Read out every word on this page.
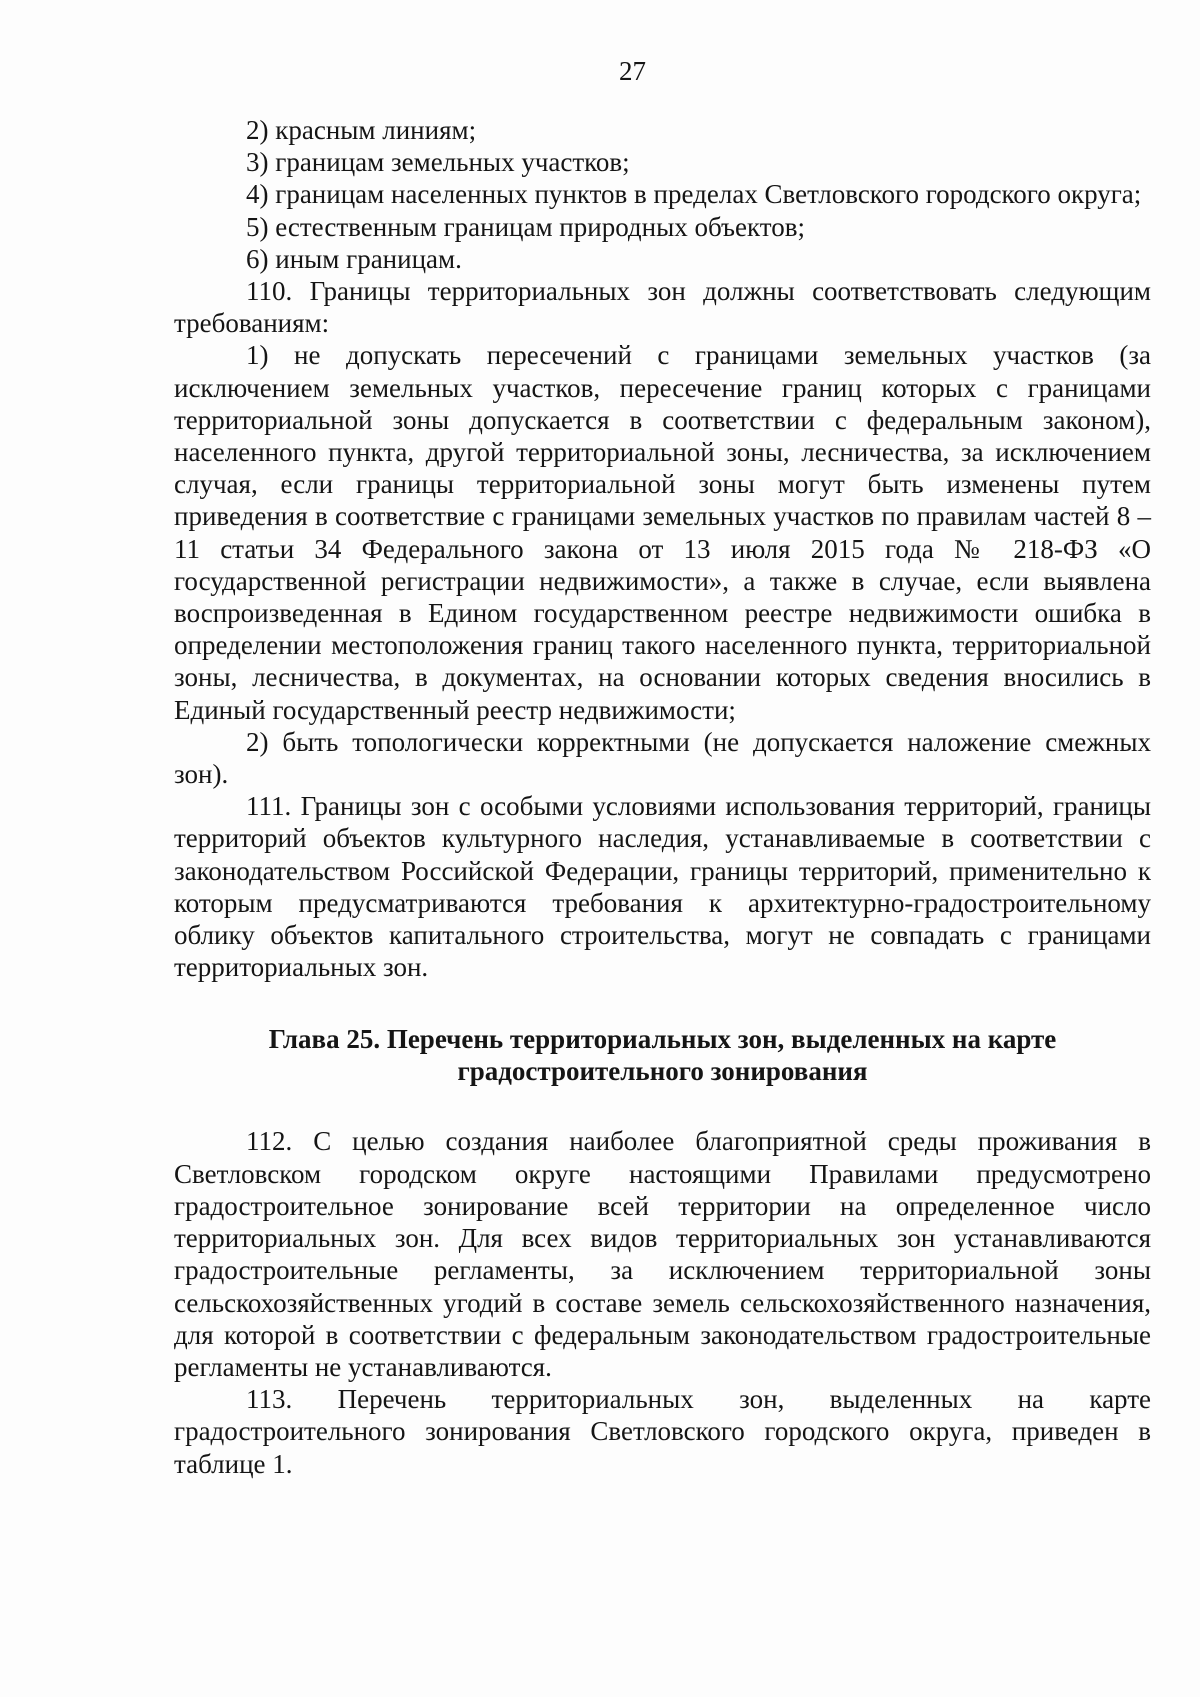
27

2) красным линиям;

3) границам земельных участков;

4) границам населенных пунктов в пределах Светловского городского округа;

5) естественным границам природных объектов;

6) иным границам.

110. Границы территориальных зон должны соответствовать следующим требованиям:

1) не допускать пересечений с границами земельных участков (за исключением земельных участков, пересечение границ которых с границами территориальной зоны допускается в соответствии с федеральным законом), населенного пункта, другой территориальной зоны, лесничества, за исключением случая, если границы территориальной зоны могут быть изменены путем приведения в соответствие с границами земельных участков по правилам частей 8 – 11 статьи 34 Федерального закона от 13 июля 2015 года № 218-ФЗ «О государственной регистрации недвижимости», а также в случае, если выявлена воспроизведенная в Едином государственном реестре недвижимости ошибка в определении местоположения границ такого населенного пункта, территориальной зоны, лесничества, в документах, на основании которых сведения вносились в Единый государственный реестр недвижимости;

2) быть топологически корректными (не допускается наложение смежных зон).

111. Границы зон с особыми условиями использования территорий, границы территорий объектов культурного наследия, устанавливаемые в соответствии с законодательством Российской Федерации, границы территорий, применительно к которым предусматриваются требования к архитектурно-градостроительному облику объектов капитального строительства, могут не совпадать с границами территориальных зон.

Глава 25. Перечень территориальных зон, выделенных на карте
градостроительного зонирования

112. С целью создания наиболее благоприятной среды проживания в Светловском городском округе настоящими Правилами предусмотрено градостроительное зонирование всей территории на определенное число территориальных зон. Для всех видов территориальных зон устанавливаются градостроительные регламенты, за исключением территориальной зоны сельскохозяйственных угодий в составе земель сельскохозяйственного назначения, для которой в соответствии с федеральным законодательством градостроительные регламенты не устанавливаются.

113. Перечень территориальных зон, выделенных на карте градостроительного зонирования Светловского городского округа, приведен в таблице 1.
